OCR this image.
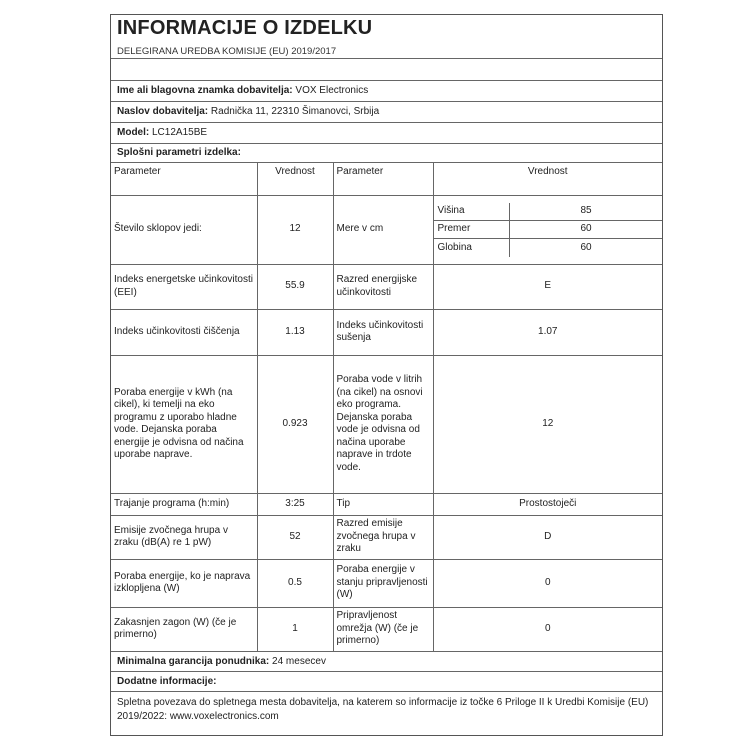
INFORMACIJE O IZDELKU
DELEGIRANA UREDBA KOMISIJE (EU) 2019/2017
Ime ali blagovna znamka dobavitelja: VOX Electronics
Naslov dobavitelja: Radnička 11, 22310 Šimanovci, Srbija
Model: LC12A15BE
Splošni parametri izdelka:
Parameter	Vrednost	Parameter	Vrednost
Število sklopov jedi:	12	Mere v cm	
Višina	85
Premer	60
Globina	60

Indeks energetske učinkovitosti (EEI)	55.9	Razred energijske učinkovitosti	E
Indeks učinkovitosti čiščenja	1.13	Indeks učinkovitosti sušenja	1.07
Poraba energije v kWh (na cikel), ki temelji na eko programu z uporabo hladne vode. Dejanska poraba energije je odvisna od načina uporabe naprave.	0.923	Poraba vode v litrih (na cikel) na osnovi eko programa. Dejanska poraba vode je odvisna od načina uporabe naprave in trdote vode.	12
Trajanje programa (h:min)	3:25	Tip	Prostostoječi
Emisije zvočnega hrupa v zraku (dB(A) re 1 pW)	52	Razred emisije zvočnega hrupa v zraku	D
Poraba energije, ko je naprava izklopljena (W)	0.5	Poraba energije v stanju pripravljenosti (W)	0
Zakasnjen zagon (W) (če je primerno)	1	Pripravljenost omrežja (W) (če je primerno)	0
Minimalna garancija ponudnika: 24 mesecev
Dodatne informacije:
Spletna povezava do spletnega mesta dobavitelja, na katerem so informacije iz točke 6 Priloge II k Uredbi Komisije (EU) 2019/2022: www.voxelectronics.com
